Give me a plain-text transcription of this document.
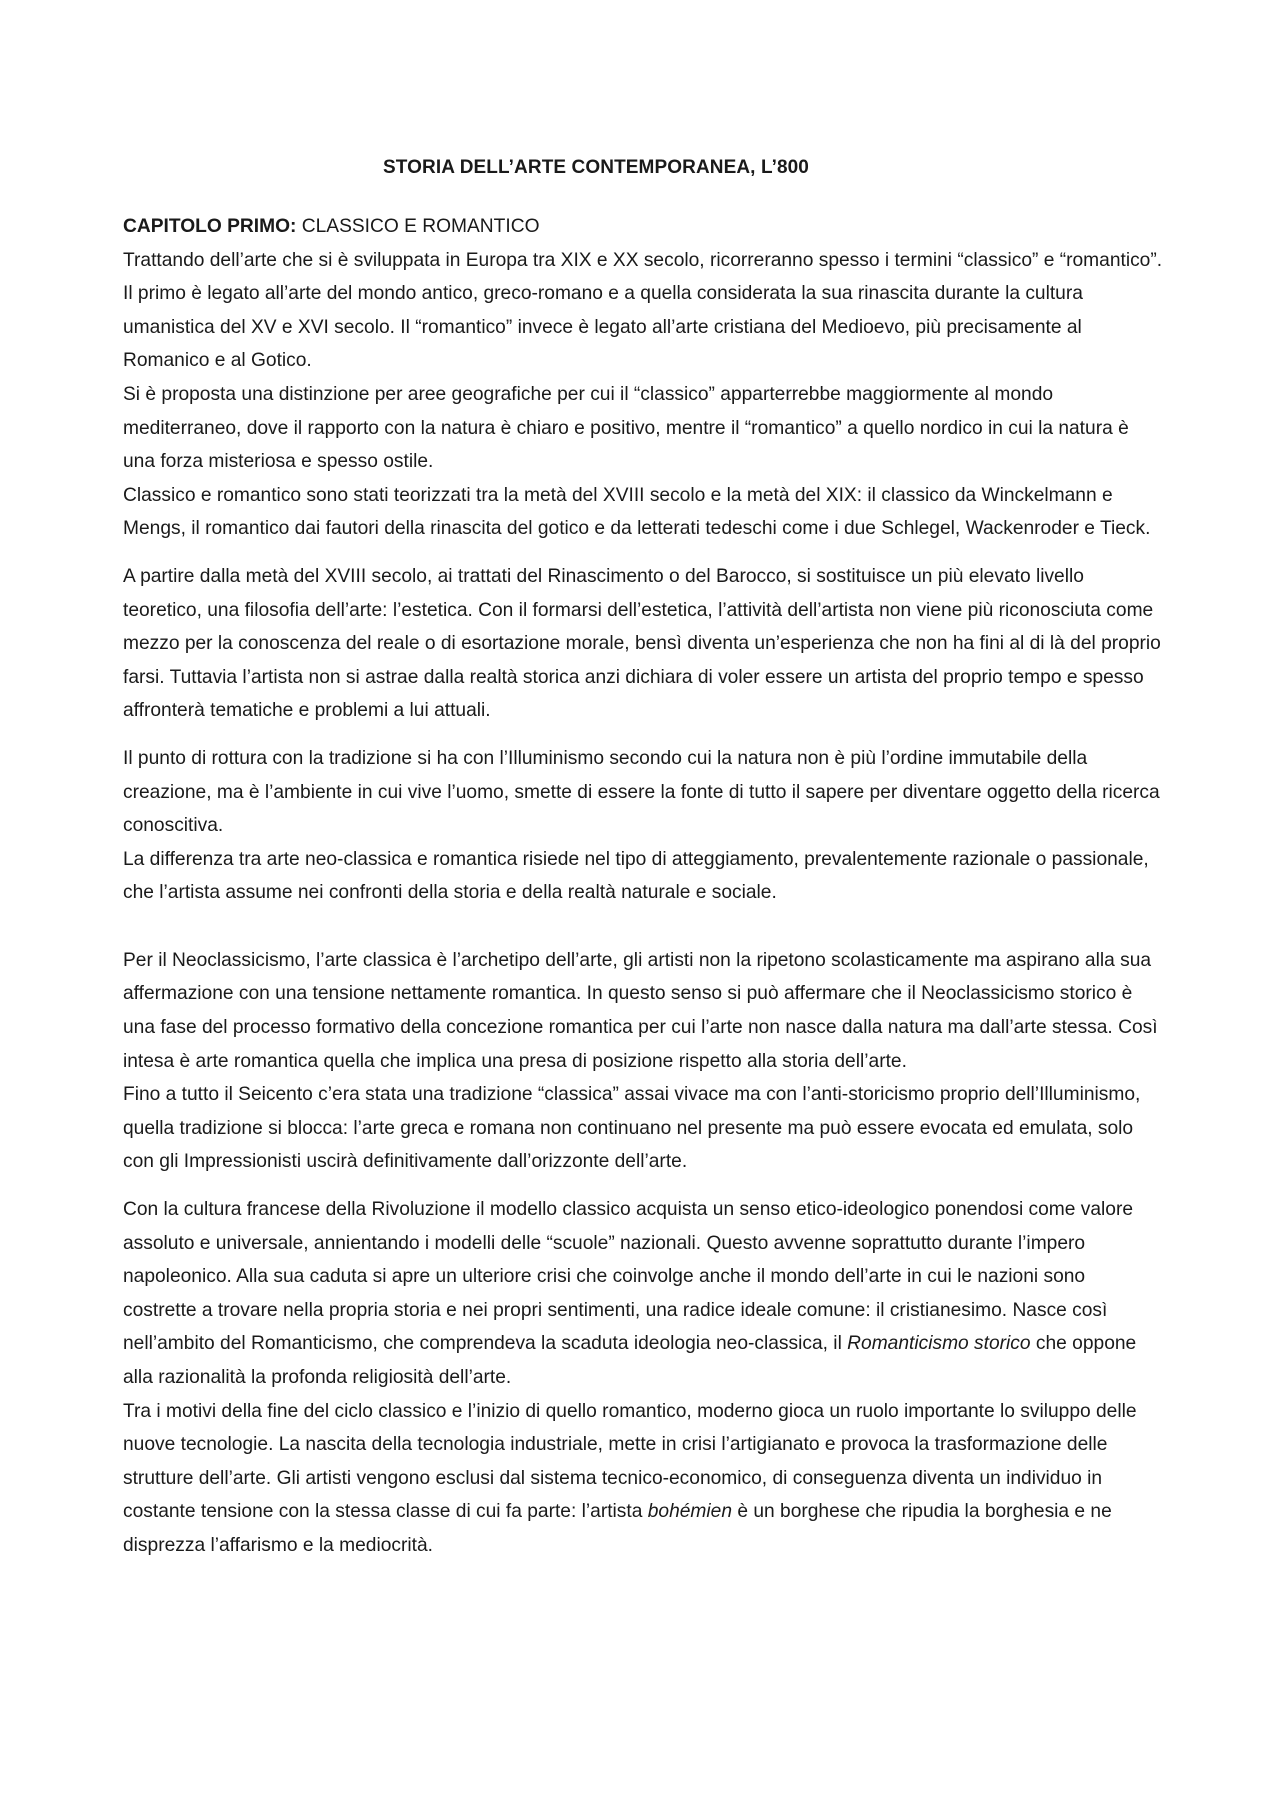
STORIA DELL’ARTE CONTEMPORANEA, L’800

CAPITOLO PRIMO: CLASSICO E ROMANTICO

Trattando dell’arte che si è sviluppata in Europa tra XIX e XX secolo, ricorreranno spesso i termini “classico” e “romantico”. Il primo è legato all’arte del mondo antico, greco-romano e a quella considerata la sua rinascita durante la cultura umanistica del XV e XVI secolo. Il “romantico” invece è legato all’arte cristiana del Medioevo, più precisamente al Romanico e al Gotico.

Si è proposta una distinzione per aree geografiche per cui il “classico” apparterrebbe maggiormente al mondo mediterraneo, dove il rapporto con la natura è chiaro e positivo, mentre il “romantico” a quello nordico in cui la natura è una forza misteriosa e spesso ostile.

Classico e romantico sono stati teorizzati tra la metà del XVIII secolo e la metà del XIX: il classico da Winckelmann e Mengs, il romantico dai fautori della rinascita del gotico e da letterati tedeschi come i due Schlegel, Wackenroder e Tieck.

A partire dalla metà del XVIII secolo, ai trattati del Rinascimento o del Barocco, si sostituisce un più elevato livello teoretico, una filosofia dell’arte: l’estetica. Con il formarsi dell’estetica, l’attività dell’artista non viene più riconosciuta come mezzo per la conoscenza del reale o di esortazione morale, bensì diventa un’esperienza che non ha fini al di là del proprio farsi. Tuttavia l’artista non si astrae dalla realtà storica anzi dichiara di voler essere un artista del proprio tempo e spesso affronterà tematiche e problemi a lui attuali.

Il punto di rottura con la tradizione si ha con l’Illuminismo secondo cui la natura non è più l’ordine immutabile della creazione, ma è l’ambiente in cui vive l’uomo, smette di essere la fonte di tutto il sapere per diventare oggetto della ricerca conoscitiva.

La differenza tra arte neo-classica e romantica risiede nel tipo di atteggiamento, prevalentemente razionale o passionale, che l’artista assume nei confronti della storia e della realtà naturale e sociale.

Per il Neoclassicismo, l’arte classica è l’archetipo dell’arte, gli artisti non la ripetono scolasticamente ma aspirano alla sua affermazione con una tensione nettamente romantica. In questo senso si può affermare che il Neoclassicismo storico è una fase del processo formativo della concezione romantica per cui l’arte non nasce dalla natura ma dall’arte stessa. Così intesa è arte romantica quella che implica una presa di posizione rispetto alla storia dell’arte.

Fino a tutto il Seicento c’era stata una tradizione “classica” assai vivace ma con l’anti-storicismo proprio dell’Illuminismo, quella tradizione si blocca: l’arte greca e romana non continuano nel presente ma può essere evocata ed emulata, solo con gli Impressionisti uscirà definitivamente dall’orizzonte dell’arte.

Con la cultura francese della Rivoluzione il modello classico acquista un senso etico-ideologico ponendosi come valore assoluto e universale, annientando i modelli delle “scuole” nazionali. Questo avvenne soprattutto durante l’impero napoleonico. Alla sua caduta si apre un ulteriore crisi che coinvolge anche il mondo dell’arte in cui le nazioni sono costrette a trovare nella propria storia e nei propri sentimenti, una radice ideale comune: il cristianesimo. Nasce così nell’ambito del Romanticismo, che comprendeva la scaduta ideologia neo-classica, il Romanticismo storico che oppone alla razionalità la profonda religiosità dell’arte.

Tra i motivi della fine del ciclo classico e l’inizio di quello romantico, moderno gioca un ruolo importante lo sviluppo delle nuove tecnologie. La nascita della tecnologia industriale, mette in crisi l’artigianato e provoca la trasformazione delle strutture dell’arte. Gli artisti vengono esclusi dal sistema tecnico-economico, di conseguenza diventa un individuo in costante tensione con la stessa classe di cui fa parte: l’artista bohémien è un borghese che ripudia la borghesia e ne disprezza l’affarismo e la mediocrità.
